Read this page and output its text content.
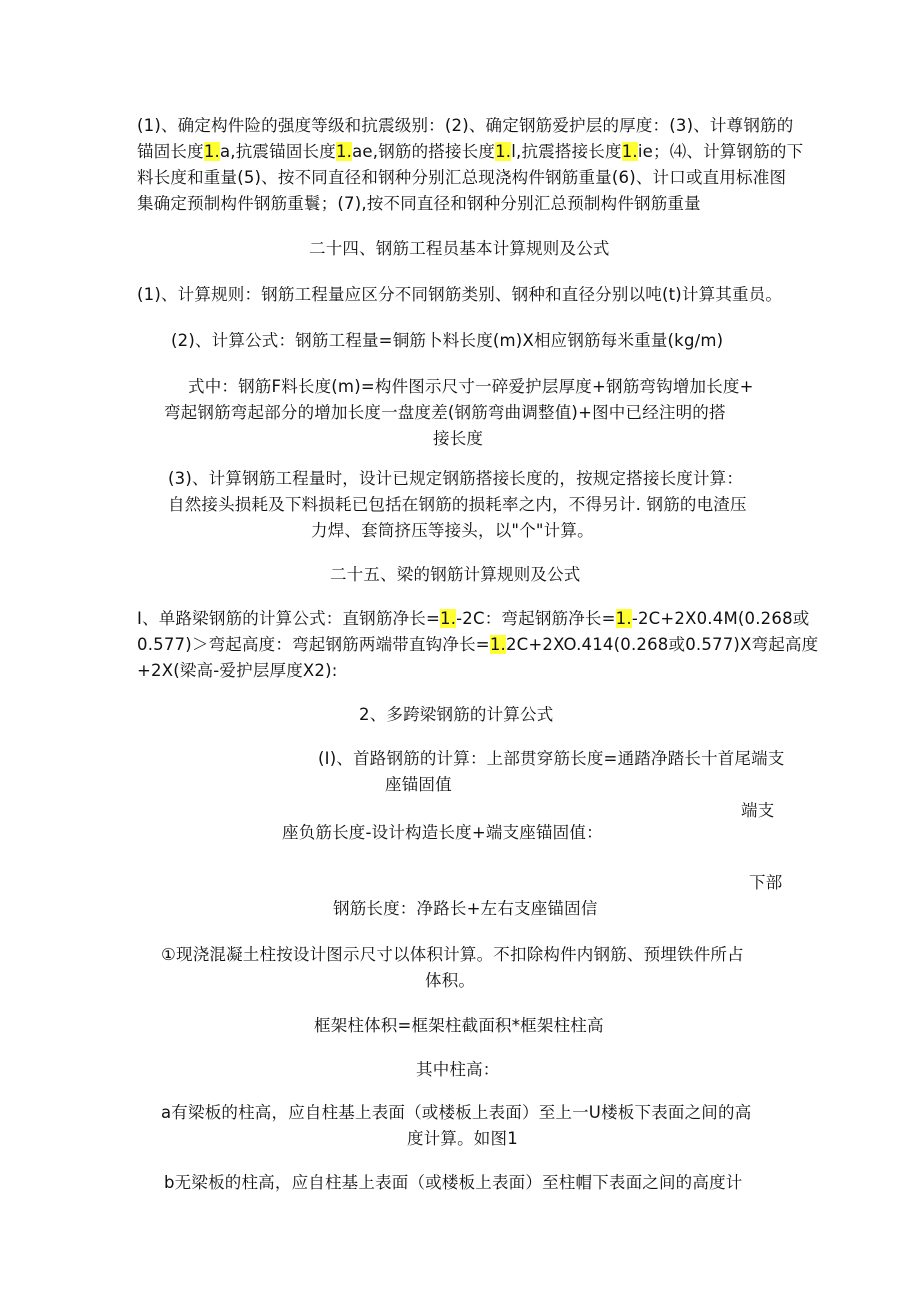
(1)、确定构件险的强度等级和抗震级别：(2)、确定钢筋爱护层的厚度：(3)、计尊钢筋的
锚固长度1.a,抗震锚固长度1.ae,钢筋的搭接长度1.l,抗震搭接长度1.ie；⑷、计算钢筋的下
料长度和重量(5)、按不同直径和钢种分别汇总现浇构件钢筋重量(6)、计口或直用标准图
集确定预制构件钢筋重鬟；(7),按不同直径和钢种分别汇总预制构件钢筋重量
二十四、钢筋工程员基本计算规则及公式
(1)、计算规则：钢筋工程量应区分不同钢筋类别、钢种和直径分别以吨(t)计算其重员。
(2)、计算公式：钢筋工程量=铜筋卜料长度(m)X相应钢筋每米重量(kg∕m)
式中：钢筋F料长度(m)=构件图示尺寸一碎爱护层厚度+钢筋弯钩增加长度+
弯起钢筋弯起部分的增加长度一盘度差(钢筋弯曲调整值)+图中已经注明的搭
接长度
(3)、计算钢筋工程量时，设计已规定钢筋搭接长度的，按规定搭接长度计算：
自然接头损耗及下料损耗已包括在钢筋的损耗率之内，不得另计. 钢筋的电渣压
力焊、套筒挤压等接头，以"个"计算。
二十五、梁的钢筋计算规则及公式
I、单路梁钢筋的计算公式：直钢筋净长=1.-2C：弯起钢筋净长=1.-2C+2X0.4M(0.268或
0.577)＞弯起高度：弯起钢筋两端带直钩净长=1.2C+2XO.414(0.268或0.577)X弯起高度
+2X(梁高-爱护层厚度X2):
2、多跨梁钢筋的计算公式
(I)、首路钢筋的计算：上部贯穿筋长度=通踏净踏长十首尾端支
座锚固值
端支
座负筋长度-设计构造长度+端支座锚固值：
下部
钢筋长度：净路长+左右支座锚固信
①现浇混凝土柱按设计图示尺寸以体积计算。不扣除构件内钢筋、预埋铁件所占
体积。
框架柱体积=框架柱截面积*框架柱柱高
其中柱高：
a有梁板的柱高，应自柱基上表面（或楼板上表面）至上一U楼板下表面之间的高
度计算。如图1
b无梁板的柱高，应自柱基上表面（或楼板上表面）至柱帽下表面之间的高度计
